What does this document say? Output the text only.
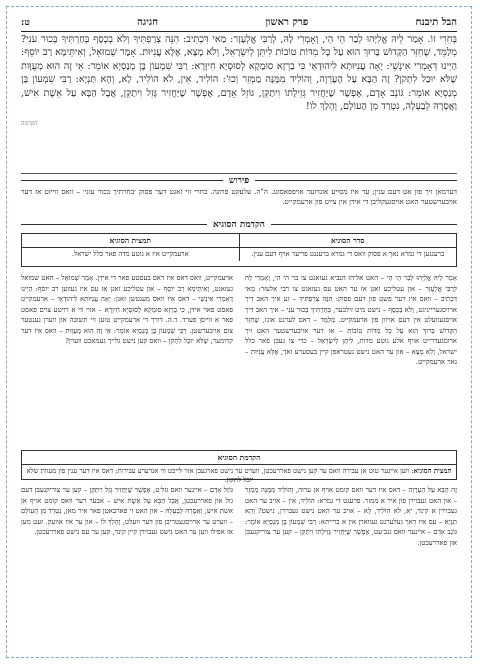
הבל תיבנח
פרק ראשון
חגיגה
ט:
בְּחֵרִי זוֹ. אָמַר לֵיהּ אֱלִיָּהוּ לְבַר הֵי הֵי, וְאָמְרִי לָהּ, לְרַבִּי אֱלְעָזָר: מַאי דִּכְתִיב: הִנֵּה צְרַפְתִּיךָ וְלֹא בְכָסֶף בְּחַרְתִּיךָ בְּכוּר עֹנִי? מְלַמֵּד, שֶׁחִזֵּר הַקָּדוֹשׁ בָּרוּךְ הוּא עַל כָּל מִדּוֹת טוֹבוֹת לִיתֵּן לְיִשְׂרָאֵל, וְלֹא מָצָא, אֶלָּא עֲנִיּוּת. אָמַר שְׁמוּאֵל, וְאִיתֵּימָא רַב יוֹסֵף: הַיְינוּ דְּאָמְרִי אִינְשֵׁי: יָאָה עֲנִיּוּתָא לִיהוּדָאֵי כִּי בַרְזָא סוּמָקָא לְסוּסְיָא חִיוָּרָא: רַבִּי שִׁמְעוֹן בֶּן מְנַסְיָא אוֹמֵר: אֵי זֶה הוּא מְעֻוָּות שֶׁלֹּא יוּכַל לִתְקֹן? זֶה הַבָּא עַל הָעֶרְוָה, וְהוֹלִיד מִמֶּנָּה מַמְזֵר וְכוּ': הוֹלִיד, אִין, לֹא הוֹלִיד, לָא, וְהָא תַּנְיָא: רַבִּי שִׁמְעוֹן בֶּן מְנַסְיָא אוֹמֵר: גּוֹנֵב אָדָם, אֶפְשָׁר שֶׁיַּחֲזִיר גְּזֵילָתוֹ וִיתַקֵּן, גּוֹזֵל אָדָם, אֶפְשָׁר שֶׁיַּחֲזִיר גָּזֵל וִיתַקֵּן, אֲבָל הַבָּא עַל אֵשֶׁת אִישׁ, וַאֲסָרָהּ לְבַעְלָהּ, נִטְרַד מִן הָעוֹלָם, וְהָלַךְ לוֹ!
הקדמה
פירוש
דערמאן זיך פון אט דעם ענין; ער איז מסייע אונדזער אויפפאסונג. ה"ה. עלעקט פרוגה. בחרי זוי זאגט דער פסוק ׳בחרתיך בכור עוני׳ – וואס ווייזט אז דער אויבערשטער האט אויסגעקליבן די אידן אין צייט פון ארעמקייט.
הקדמת הסוגיא
סדר הסוגיא
תמצית הסוגיא
ברענגען די גמרא נאך א פסוק וואס די גמרא ברענגט פריער אויף דעם ענין.
ארעמקייט איז א גוטע מדה פאר כלל ישראל.
אָמַר לֵיהּ אֱלִיָּהוּ לְבַר הֵי הֵי – האט אליהו הנביא געזאגט צו בר הי הי, וְאָמְרִי לָהּ לְרַבִּי אֱלְעָזָר – און עטליכע זאגן אז ער האט עס געזאגט צו רבי אלעזר: מַאי דִּכְתִיב – וואס איז דער פשט פון דעם פסוק: הִנֵּה צְרַפְתִּיךָ – זע איך האב דיך ארויסגערייניגט, וְלֹא בְכָסֶף – נישט מיט זילבער, בְּחַרְתִּיךָ בְּכוּר עֹנִי – איך האב דיך אויסגעוועלט אין דעם אויוון פון ארעמקייט. מְלַמֵּד – דאס לערנט אונז, שֶׁחִזֵּר הַקָּדוֹשׁ בָּרוּךְ הוּא עַל כָּל מִדּוֹת טוֹבוֹת – אז דער אויבערשטער האט זיך ארומגעדרייט אויף אלע גוטע מדות, לִיתֵּן לְיִשְׂרָאֵל – כדי צו געבן פאר כלל ישראל, וְלֹא מָצָא – און ער האט נישט געטראפן קיין בעסערע זאך, אֶלָּא עֲנִיּוּת – נאר ארעמקייט.
ארעמקייט, וואס דאס איז דאס בעסטע פאר די אידן. אָמַר שְׁמוּאֵל – האט שמואל געזאגט, וְאִיתֵּימָא רַב יוֹסֵף – און עטליכע זאגן אז עס איז געווען רב יוסף: הַיְינוּ דְּאָמְרִי אִינְשֵׁי – דאס איז וואס מענטשן זאגן: יָאָה עֲנִיּוּתָא לִיהוּדָאֵי – ארעמקייט פאסט פאר אידן, כִּי בַרְזָא סוּמָקָא לְסוּסְיָא חִיוָּרָא – אזוי ווי א רויטע צוים פאסט פאר א ווייסן פערד. ד.ה. דורך די ארעמקייט טוען זיי תשובה און ווערן נענטער צום אויבערשטן. רַבִּי שִׁמְעוֹן בֶּן מְנַסְיָא אוֹמֵר: אֵי זֶה הוּא מְעֻוָּות – וואס איז דער קרומער, שֶׁלֹּא יוּכַל לִתְקֹן – וואס קען נישט גלייך געמאכט ווערן?
הקדמת הסוגיא
תמצית הסוגיא: ווען איינער טוט אן עבירה וואס ער קען נישט פאררעכטן, ווערט ער נישט פארגעבן אזוי לייכט ווי אנדערע עבירות; דאס איז דער ענין פון מעוות שלא יוכל לתקון.
זֶה הַבָּא עַל הָעֶרְוָה – דאס איז דער וואס קומט אויף אן ערוה, וְהוֹלִיד מִמֶּנָּה מַמְזֵר – און האט געבוירן פון איר א ממזר. פרעגט די גמרא: הוֹלִיד, אִין – אויב ער האט געבוירן א קינד, יא, לֹא הוֹלִיד, לָא – אויב ער האט נישט געבוירן, נישט? וְהָא תַּנְיָא – עס איז דאך געלערנט געווארן אין א ברייתא: רַבִּי שִׁמְעוֹן בֶּן מְנַסְיָא אוֹמֵר: גּוֹנֵב אָדָם – איינער וואס גנב׳עט, אֶפְשָׁר שֶׁיַּחֲזִיר גְּזֵילָתוֹ וִיתַקֵּן – קען ער צוריקגעבן און פאררעכטן.
גּוֹזֵל אָדָם – איינער וואס גזל׳ט, אֶפְשָׁר שֶׁיַּחֲזִיר גָּזֵל וִיתַקֵּן – קען ער צוריקגעבן דעם גזל און פאררעכטן, אֲבָל הַבָּא עַל אֵשֶׁת אִישׁ – אבער דער וואס קומט אויף אן אשת איש, וַאֲסָרָהּ לְבַעְלָהּ – און האט זי פארבאטן פאר איר מאן, נִטְרַד מִן הָעוֹלָם – ווערט ער ארויסגעטריבן פון דער וועלט, וְהָלַךְ לוֹ – און ער איז אוועק. זעט מען אז אפילו ווען ער האט נישט געבוירן קיין קינד, קען ער עס נישט פאררעכטן.
